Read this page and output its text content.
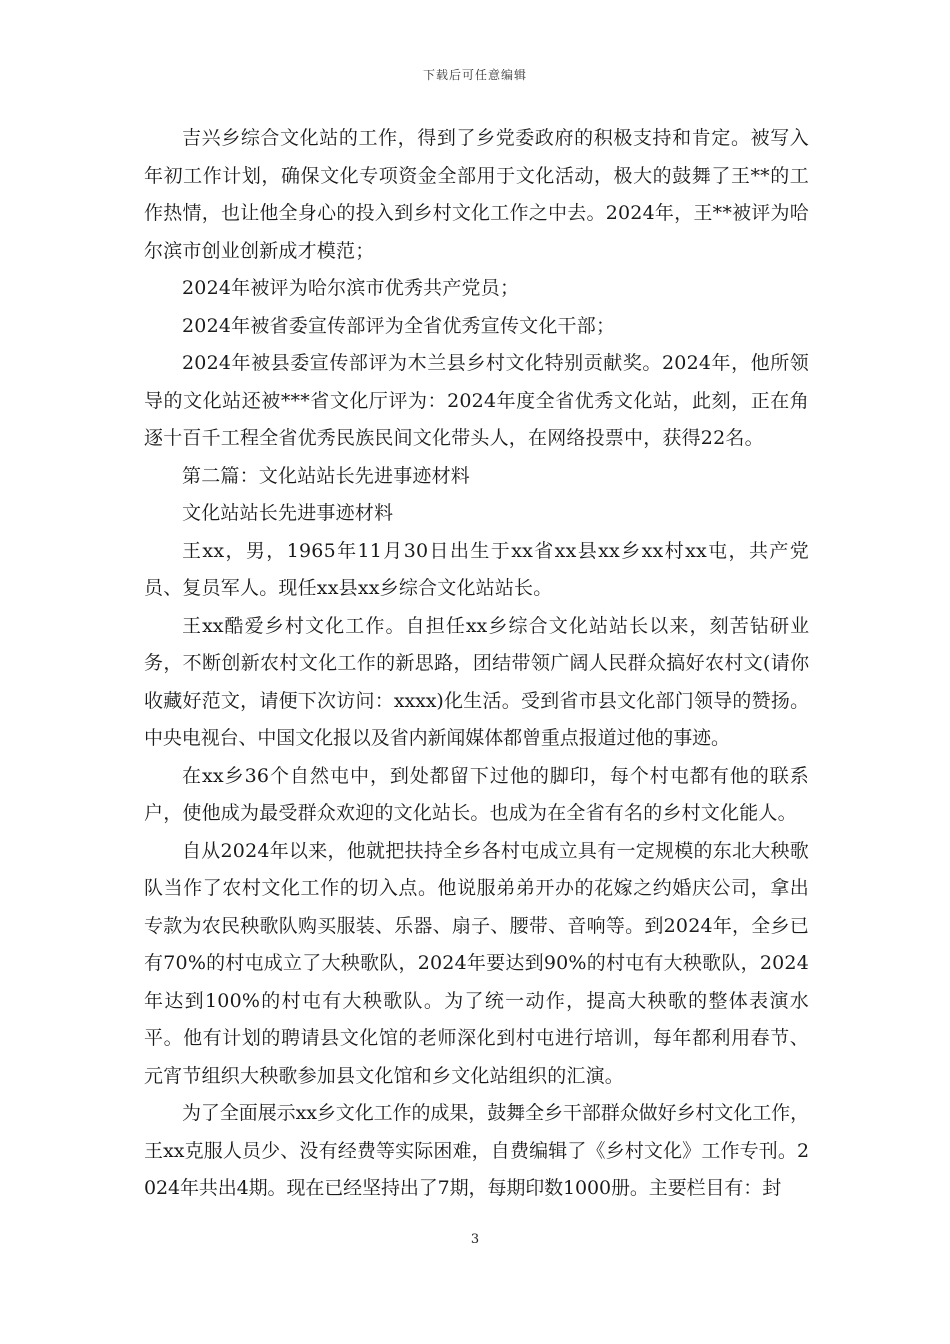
下载后可任意编辑

吉兴乡综合文化站的工作，得到了乡党委政府的积极支持和肯定。被写入年初工作计划，确保文化专项资金全部用于文化活动，极大的鼓舞了王**的工作热情，也让他全身心的投入到乡村文化工作之中去。2024年，王**被评为哈尔滨市创业创新成才模范；

2024年被评为哈尔滨市优秀共产党员；

2024年被省委宣传部评为全省优秀宣传文化干部；

2024年被县委宣传部评为木兰县乡村文化特别贡献奖。2024年，他所领导的文化站还被***省文化厅评为：2024年度全省优秀文化站，此刻，正在角逐十百千工程全省优秀民族民间文化带头人，在网络投票中，获得22名。

第二篇：文化站站长先进事迹材料

文化站站长先进事迹材料

王xx，男，1965年11月30日出生于xx省xx县xx乡xx村xx屯，共产党员、复员军人。现任xx县xx乡综合文化站站长。

王xx酷爱乡村文化工作。自担任xx乡综合文化站站长以来，刻苦钻研业务，不断创新农村文化工作的新思路，团结带领广阔人民群众搞好农村文(请你收藏好范文，请便下次访问：xxxx)化生活。受到省市县文化部门领导的赞扬。中央电视台、中国文化报以及省内新闻媒体都曾重点报道过他的事迹。

在xx乡36个自然屯中，到处都留下过他的脚印，每个村屯都有他的联系户，使他成为最受群众欢迎的文化站长。也成为在全省有名的乡村文化能人。

自从2024年以来，他就把扶持全乡各村屯成立具有一定规模的东北大秧歌队当作了农村文化工作的切入点。他说服弟弟开办的花嫁之约婚庆公司，拿出专款为农民秧歌队购买服装、乐器、扇子、腰带、音响等。到2024年，全乡已有70%的村屯成立了大秧歌队，2024年要达到90%的村屯有大秧歌队，2024年达到100%的村屯有大秧歌队。为了统一动作，提高大秧歌的整体表演水平。他有计划的聘请县文化馆的老师深化到村屯进行培训，每年都利用春节、元宵节组织大秧歌参加县文化馆和乡文化站组织的汇演。

为了全面展示xx乡文化工作的成果，鼓舞全乡干部群众做好乡村文化工作，王xx克服人员少、没有经费等实际困难，自费编辑了《乡村文化》工作专刊。2024年共出4期。现在已经坚持出了7期，每期印数1000册。主要栏目有：封

3
